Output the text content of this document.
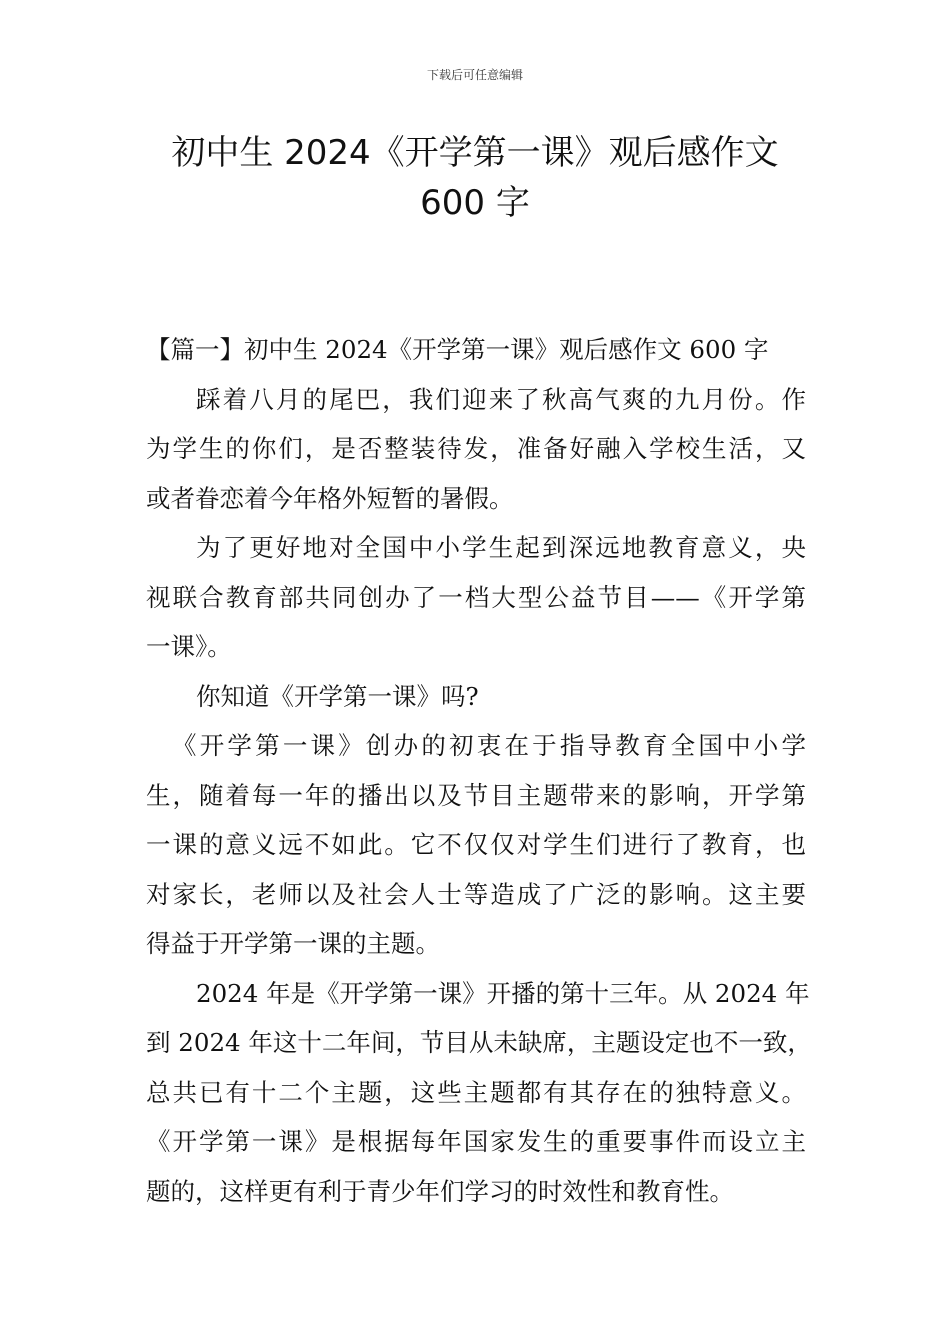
下载后可任意编辑
初中生 2024《开学第一课》观后感作文
600 字
【篇一】初中生 2024《开学第一课》观后感作文 600 字
踩着八月的尾巴，我们迎来了秋高气爽的九月份。作
为学生的你们，是否整装待发，准备好融入学校生活，又
或者眷恋着今年格外短暂的暑假。
为了更好地对全国中小学生起到深远地教育意义，央
视联合教育部共同创办了一档大型公益节目——《开学第
一课》。
你知道《开学第一课》吗?
《开学第一课》创办的初衷在于指导教育全国中小学
生，随着每一年的播出以及节目主题带来的影响，开学第
一课的意义远不如此。它不仅仅对学生们进行了教育，也
对家长，老师以及社会人士等造成了广泛的影响。这主要
得益于开学第一课的主题。
2024 年是《开学第一课》开播的第十三年。从 2024 年
到 2024 年这十二年间，节目从未缺席，主题设定也不一致，
总共已有十二个主题，这些主题都有其存在的独特意义。
《开学第一课》是根据每年国家发生的重要事件而设立主
题的，这样更有利于青少年们学习的时效性和教育性。
